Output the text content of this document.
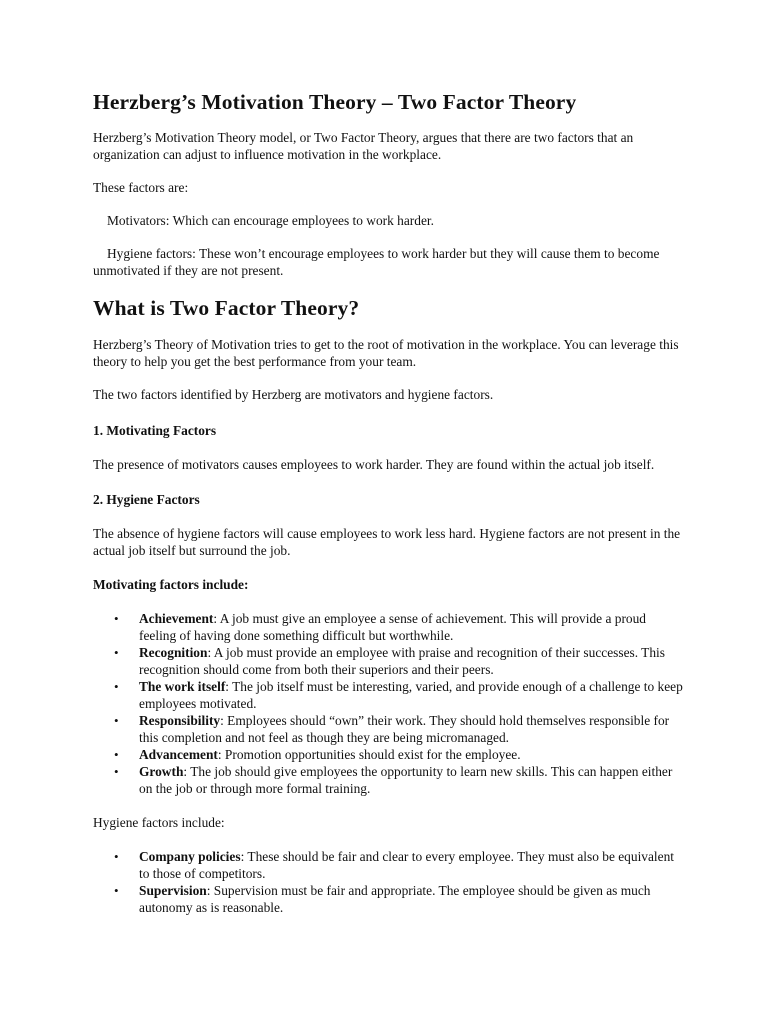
Herzberg’s Motivation Theory – Two Factor Theory

Herzberg’s Motivation Theory model, or Two Factor Theory, argues that there are two factors that an organization can adjust to influence motivation in the workplace.

These factors are:

Motivators: Which can encourage employees to work harder.

Hygiene factors: These won’t encourage employees to work harder but they will cause them to become unmotivated if they are not present.

What is Two Factor Theory?

Herzberg’s Theory of Motivation tries to get to the root of motivation in the workplace. You can leverage this theory to help you get the best performance from your team.

The two factors identified by Herzberg are motivators and hygiene factors.

1. Motivating Factors

The presence of motivators causes employees to work harder. They are found within the actual job itself.

2. Hygiene Factors

The absence of hygiene factors will cause employees to work less hard. Hygiene factors are not present in the actual job itself but surround the job.

Motivating factors include:

• Achievement: A job must give an employee a sense of achievement. This will provide a proud feeling of having done something difficult but worthwhile.
• Recognition: A job must provide an employee with praise and recognition of their successes. This recognition should come from both their superiors and their peers.
• The work itself: The job itself must be interesting, varied, and provide enough of a challenge to keep employees motivated.
• Responsibility: Employees should “own” their work. They should hold themselves responsible for this completion and not feel as though they are being micromanaged.
• Advancement: Promotion opportunities should exist for the employee.
• Growth: The job should give employees the opportunity to learn new skills. This can happen either on the job or through more formal training.

Hygiene factors include:

• Company policies: These should be fair and clear to every employee. They must also be equivalent to those of competitors.
• Supervision: Supervision must be fair and appropriate. The employee should be given as much autonomy as is reasonable.
